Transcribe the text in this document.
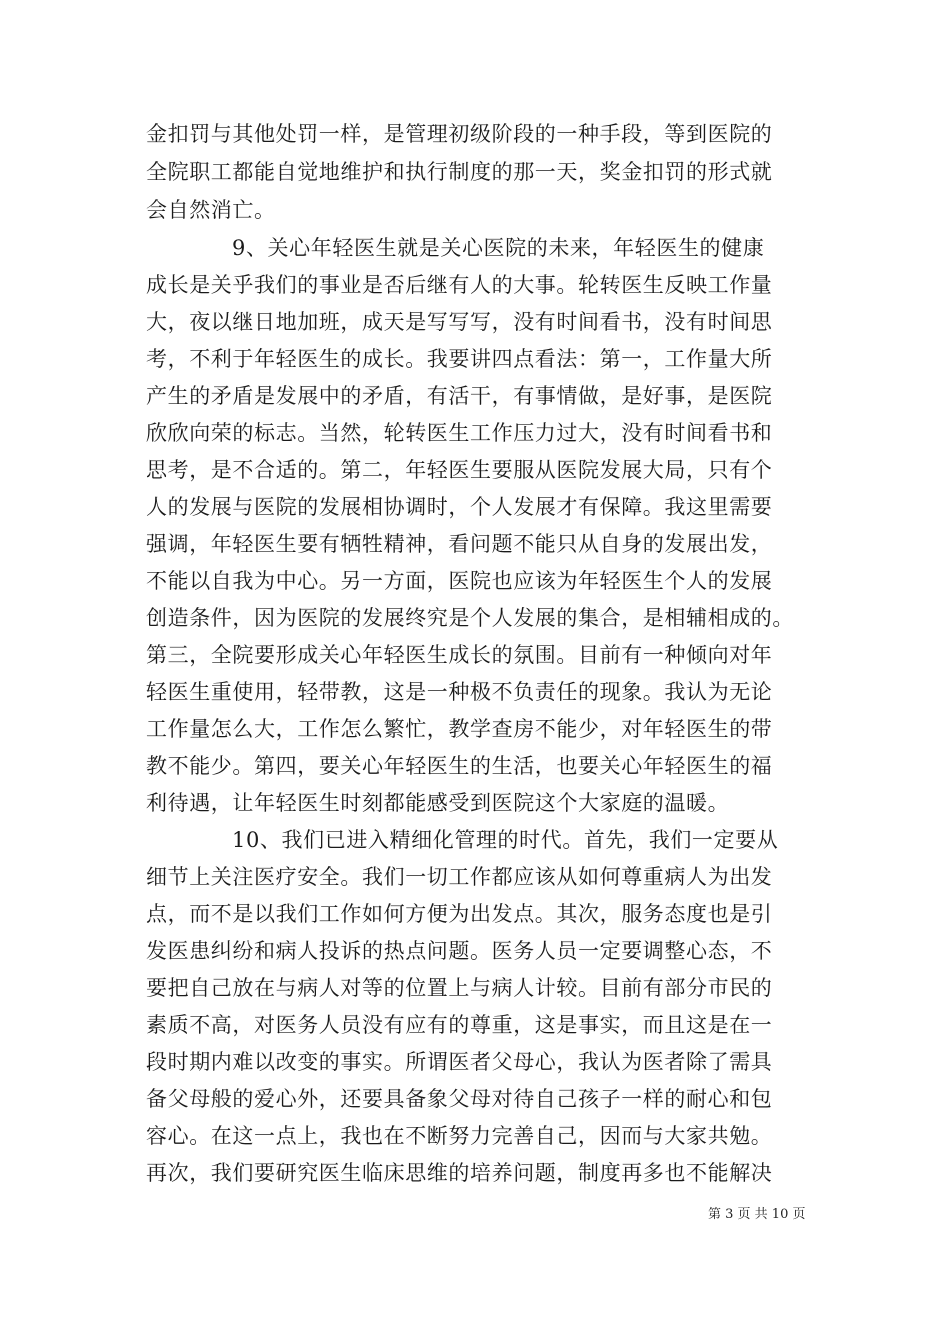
金扣罚与其他处罚一样，是管理初级阶段的一种手段，等到医院的
全院职工都能自觉地维护和执行制度的那一天，奖金扣罚的形式就
会自然消亡。
9、关心年轻医生就是关心医院的未来，年轻医生的健康
成长是关乎我们的事业是否后继有人的大事。轮转医生反映工作量
大，夜以继日地加班，成天是写写写，没有时间看书，没有时间思
考，不利于年轻医生的成长。我要讲四点看法：第一，工作量大所
产生的矛盾是发展中的矛盾，有活干，有事情做，是好事，是医院
欣欣向荣的标志。当然，轮转医生工作压力过大，没有时间看书和
思考，是不合适的。第二，年轻医生要服从医院发展大局，只有个
人的发展与医院的发展相协调时，个人发展才有保障。我这里需要
强调，年轻医生要有牺牲精神，看问题不能只从自身的发展出发，
不能以自我为中心。另一方面，医院也应该为年轻医生个人的发展
创造条件，因为医院的发展终究是个人发展的集合，是相辅相成的。
第三，全院要形成关心年轻医生成长的氛围。目前有一种倾向对年
轻医生重使用，轻带教，这是一种极不负责任的现象。我认为无论
工作量怎么大，工作怎么繁忙，教学查房不能少，对年轻医生的带
教不能少。第四，要关心年轻医生的生活，也要关心年轻医生的福
利待遇，让年轻医生时刻都能感受到医院这个大家庭的温暖。
10、我们已进入精细化管理的时代。首先，我们一定要从
细节上关注医疗安全。我们一切工作都应该从如何尊重病人为出发
点，而不是以我们工作如何方便为出发点。其次，服务态度也是引
发医患纠纷和病人投诉的热点问题。医务人员一定要调整心态，不
要把自己放在与病人对等的位置上与病人计较。目前有部分市民的
素质不高，对医务人员没有应有的尊重，这是事实，而且这是在一
段时期内难以改变的事实。所谓医者父母心，我认为医者除了需具
备父母般的爱心外，还要具备象父母对待自己孩子一样的耐心和包
容心。在这一点上，我也在不断努力完善自己，因而与大家共勉。
再次，我们要研究医生临床思维的培养问题，制度再多也不能解决
第 3 页 共 10 页
